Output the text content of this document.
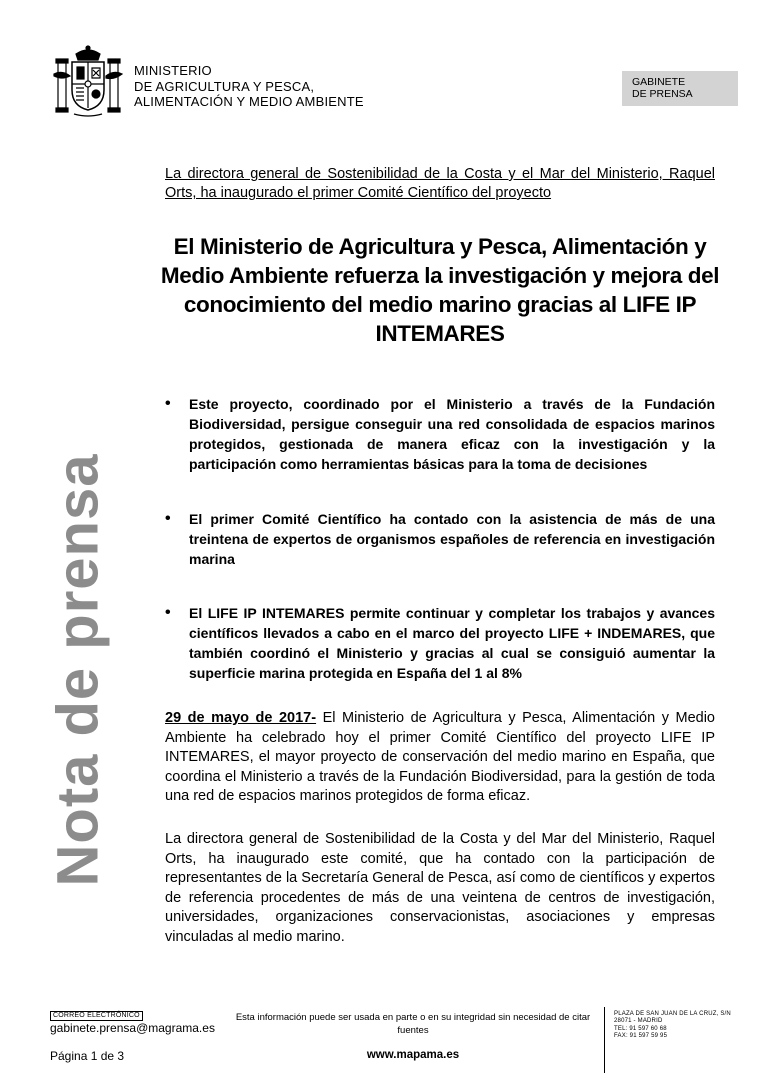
MINISTERIO
DE AGRICULTURA Y PESCA,
ALIMENTACIÓN Y MEDIO AMBIENTE
GABINETE
DE PRENSA
Nota de prensa
La directora general de Sostenibilidad de la Costa y el Mar del Ministerio, Raquel Orts, ha inaugurado el primer Comité Científico del proyecto
El Ministerio de Agricultura y Pesca, Alimentación y Medio Ambiente refuerza la investigación y mejora del conocimiento del medio marino gracias al LIFE IP INTEMARES
•	Este proyecto, coordinado por el Ministerio a través de la Fundación Biodiversidad, persigue conseguir una red consolidada de espacios marinos protegidos, gestionada de manera eficaz con la investigación y la participación como herramientas básicas para la toma de decisiones
•	El primer Comité Científico ha contado con la asistencia de más de una treintena de expertos de organismos españoles de referencia en investigación marina
•	El LIFE IP INTEMARES permite continuar y completar los trabajos y avances científicos llevados a cabo en el marco del proyecto LIFE + INDEMARES, que también coordinó el Ministerio y gracias al cual se consiguió aumentar la superficie marina protegida en España del 1 al 8%
29 de mayo de 2017- El Ministerio de Agricultura y Pesca, Alimentación y Medio Ambiente ha celebrado hoy el primer Comité Científico del proyecto LIFE IP INTEMARES, el mayor proyecto de conservación del medio marino en España, que coordina el Ministerio a través de la Fundación Biodiversidad, para la gestión de toda una red de espacios marinos protegidos de forma eficaz.
La directora general de Sostenibilidad de la Costa y del Mar del Ministerio, Raquel Orts, ha inaugurado este comité, que ha contado con la participación de representantes de la Secretaría General de Pesca, así como de científicos y expertos de referencia procedentes de más de una veintena de centros de investigación, universidades, organizaciones conservacionistas, asociaciones y empresas vinculadas al medio marino.
CORREO ELECTRÓNICO
gabinete.prensa@magrama.es
Página 1 de 3
Esta información puede ser usada en parte o en su integridad sin necesidad de citar fuentes
www.mapama.es
PLAZA DE SAN JUAN DE LA CRUZ, S/N
28071 - MADRID
TEL: 91 597 60 68
FAX: 91 597 59 95
